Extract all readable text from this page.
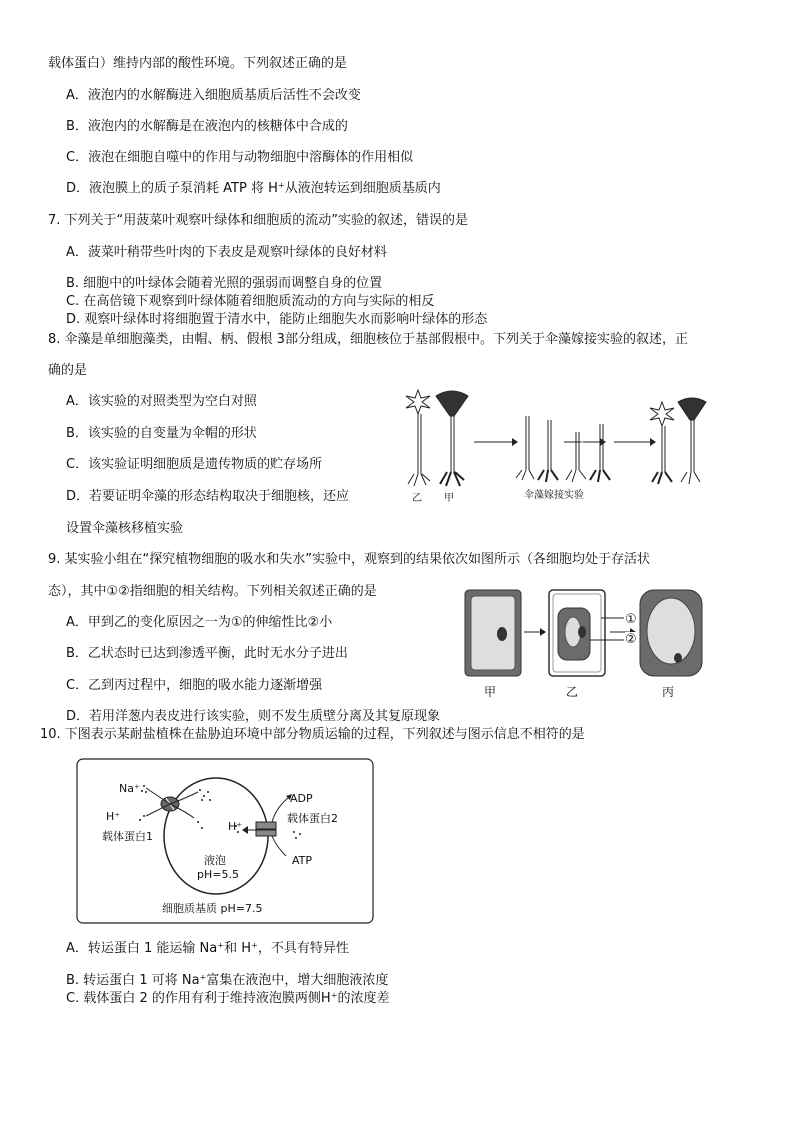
载体蛋白）维持内部的酸性环境。下列叙述正确的是
A．液泡内的水解酶进入细胞质基质后活性不会改变
B．液泡内的水解酶是在液泡内的核糖体中合成的
C．液泡在细胞自噬中的作用与动物细胞中溶酶体的作用相似
D．液泡膜上的质子泵消耗 ATP 将 H⁺从液泡转运到细胞质基质内
7. 下列关于“用菠菜叶观察叶绿体和细胞质的流动”实验的叙述，错误的是
A．菠菜叶稍带些叶肉的下表皮是观察叶绿体的良好材料
B. 细胞中的叶绿体会随着光照的强弱而调整自身的位置
C. 在高倍镜下观察到叶绿体随着细胞质流动的方向与实际的相反
D. 观察叶绿体时将细胞置于清水中，能防止细胞失水而影响叶绿体的形态
8. 伞藻是单细胞藻类，由帽、柄、假根 3部分组成，细胞核位于基部假根中。下列关于伞藻嫁接实验的叙述，正
确的是
A．该实验的对照类型为空白对照
B．该实验的自变量为伞帽的形状
C．该实验证明细胞质是遗传物质的贮存场所
D．若要证明伞藻的形态结构取决于细胞核，还应
设置伞藻核移植实验
乙 甲	伞藻嫁接实验
9. 某实验小组在“探究植物细胞的吸水和失水”实验中，观察到的结果依次如图所示（各细胞均处于存活状
态），其中①②指细胞的相关结构。下列相关叙述正确的是
A．甲到乙的变化原因之一为①的伸缩性比②小
B．乙状态时已达到渗透平衡，此时无水分子进出
C．乙到丙过程中，细胞的吸水能力逐渐增强
D．若用洋葱内表皮进行该实验，则不发生质壁分离及其复原现象
①
②
甲	乙	丙
10. 下图表示某耐盐植株在盐胁迫环境中部分物质运输的过程，下列叙述与图示信息不相符的是
Na⁺
H⁺
载体蛋白1
ADP
载体蛋白2
H⁺
ATP
液泡
pH=5.5
细胞质基质 pH=7.5
A．转运蛋白 1 能运输 Na⁺和 H⁺，不具有特异性
B. 转运蛋白 1 可将 Na⁺富集在液泡中，增大细胞液浓度
C. 载体蛋白 2 的作用有利于维持液泡膜两侧H⁺的浓度差
